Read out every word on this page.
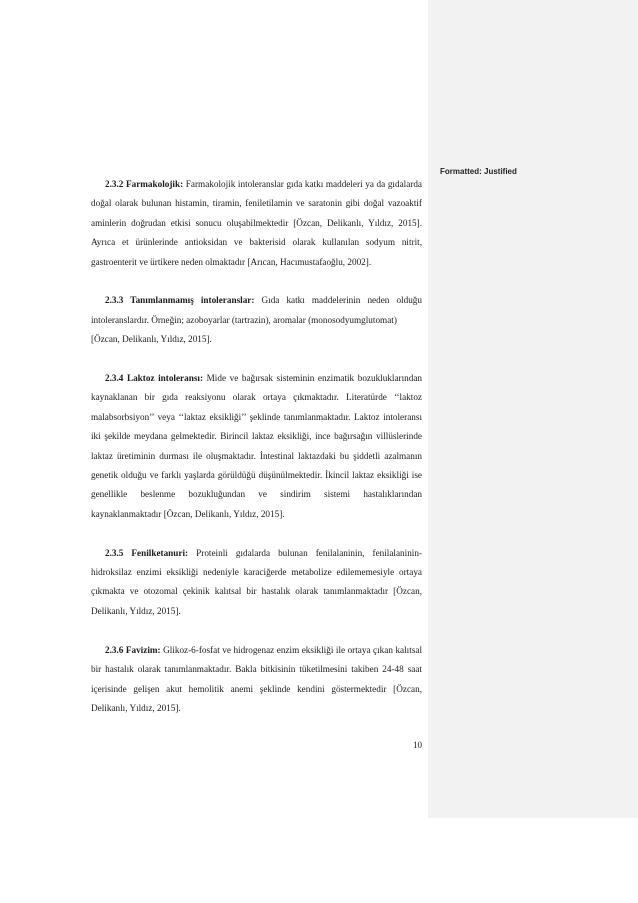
Formatted: Justified

2.3.2 Farmakolojik: Farmakolojik intoleranslar gıda katkı maddeleri ya da gıdalarda doğal olarak bulunan histamin, tiramin, feniletilamin ve saratonin gibi doğal vazoaktif aminlerin doğrudan etkisi sonucu oluşabilmektedir [Özcan, Delikanlı, Yıldız, 2015]. Ayrıca et ürünlerinde antioksidan ve bakterisid olarak kullanılan sodyum nitrit, gastroenterit ve ürtikere neden olmaktadır [Arıcan, Hacımustafaoğlu, 2002].

2.3.3 Tanımlanmamış intoleranslar: Gıda katkı maddelerinin neden olduğu intoleranslardır. Örneğin; azoboyarlar (tartrazin), aromalar (monosodyumglutomat)
[Özcan, Delikanlı, Yıldız, 2015].

2.3.4 Laktoz intoleransı: Mide ve bağırsak sisteminin enzimatik bozukluklarından kaynaklanan bir gıda reaksiyonu olarak ortaya çıkmaktadır. Literatürde ‘‘laktoz malabsorbsiyon’’ veya ‘‘laktaz eksikliği’’ şeklinde tanımlanmaktadır. Laktoz intoleransı iki şekilde meydana gelmektedir. Birincil laktaz eksikliği, ince bağırsağın villüslerinde laktaz üretiminin durması ile oluşmaktadır. İntestinal laktazdaki bu şiddetli azalmanın genetik olduğu ve farklı yaşlarda görüldüğü düşünülmektedir. İkincil laktaz eksikliği ise genellikle beslenme bozukluğundan ve sindirim sistemi hastalıklarından kaynaklanmaktadır [Özcan, Delikanlı, Yıldız, 2015].

2.3.5 Fenilketanuri: Proteinli gıdalarda bulunan fenilalaninin, fenilalaninin-hidroksilaz enzimi eksikliği nedeniyle karaciğerde metabolize edilememesiyle ortaya çıkmakta ve otozomal çekinik kalıtsal bir hastalık olarak tanımlanmaktadır [Özcan, Delikanlı, Yıldız, 2015].

2.3.6 Favizim: Glikoz-6-fosfat ve hidrogenaz enzim eksikliği ile ortaya çıkan kalıtsal bir hastalık olarak tanımlanmaktadır. Bakla bitkisinin tüketilmesini takiben 24-48 saat içerisinde gelişen akut hemolitik anemi şeklinde kendini göstermektedir [Özcan, Delikanlı, Yıldız, 2015].

10
